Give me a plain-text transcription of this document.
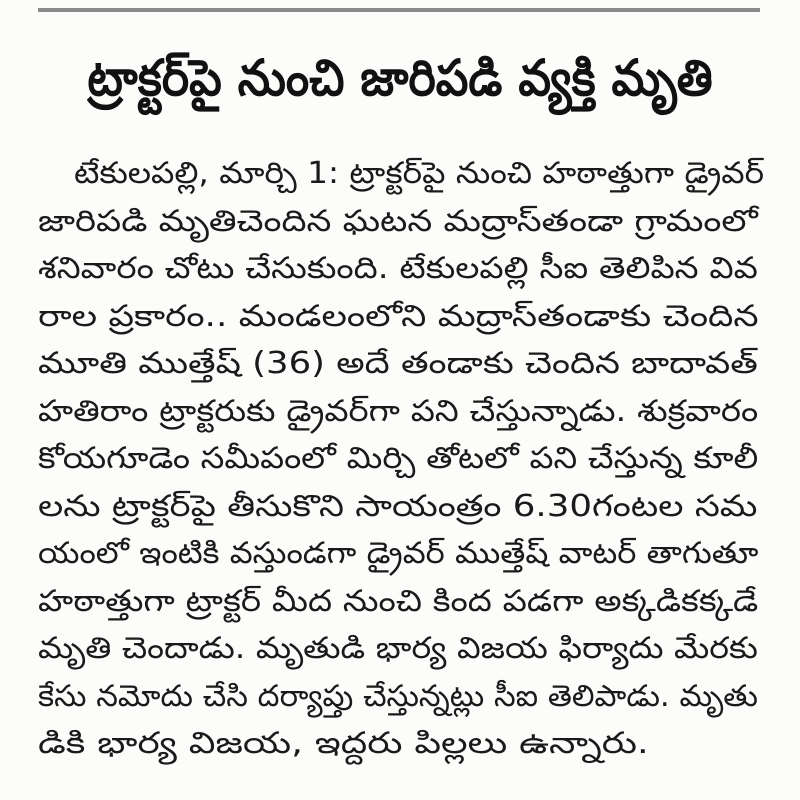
ట్రాక్టర్‌పై నుంచి జారిపడి వ్యక్తి మృతి
టేకులపల్లి, మార్చి 1: ట్రాక్టర్‌పై నుంచి హఠాత్తుగా డ్రైవర్
జారిపడి మృతిచెందిన ఘటన మద్రాస్‌తండా గ్రామంలో
శనివారం చోటు చేసుకుంది. టేకులపల్లి సీఐ తెలిపిన వివ
రాల ప్రకారం.. మండలంలోని మద్రాస్‌తండాకు చెందిన
మూతి ముత్తేష్ (36) అదే తండాకు చెందిన బాదావత్
హతిరాం ట్రాక్టరుకు డ్రైవర్‌గా పని చేస్తున్నాడు. శుక్రవారం
కోయగూడెం సమీపంలో మిర్చి తోటలో పని చేస్తున్న కూలీ
లను ట్రాక్టర్‌పై తీసుకొని సాయంత్రం 6.30గంటల సమ
యంలో ఇంటికి వస్తుండగా డ్రైవర్ ముత్తేష్ వాటర్ తాగుతూ
హఠాత్తుగా ట్రాక్టర్ మీద నుంచి కింద పడగా అక్కడికక్కడే
మృతి చెందాడు. మృతుడి భార్య విజయ ఫిర్యాదు మేరకు
కేసు నమోదు చేసి దర్యాప్తు చేస్తున్నట్లు సీఐ తెలిపాడు. మృతు
డికి భార్య విజయ, ఇద్దరు పిల్లలు ఉన్నారు.
